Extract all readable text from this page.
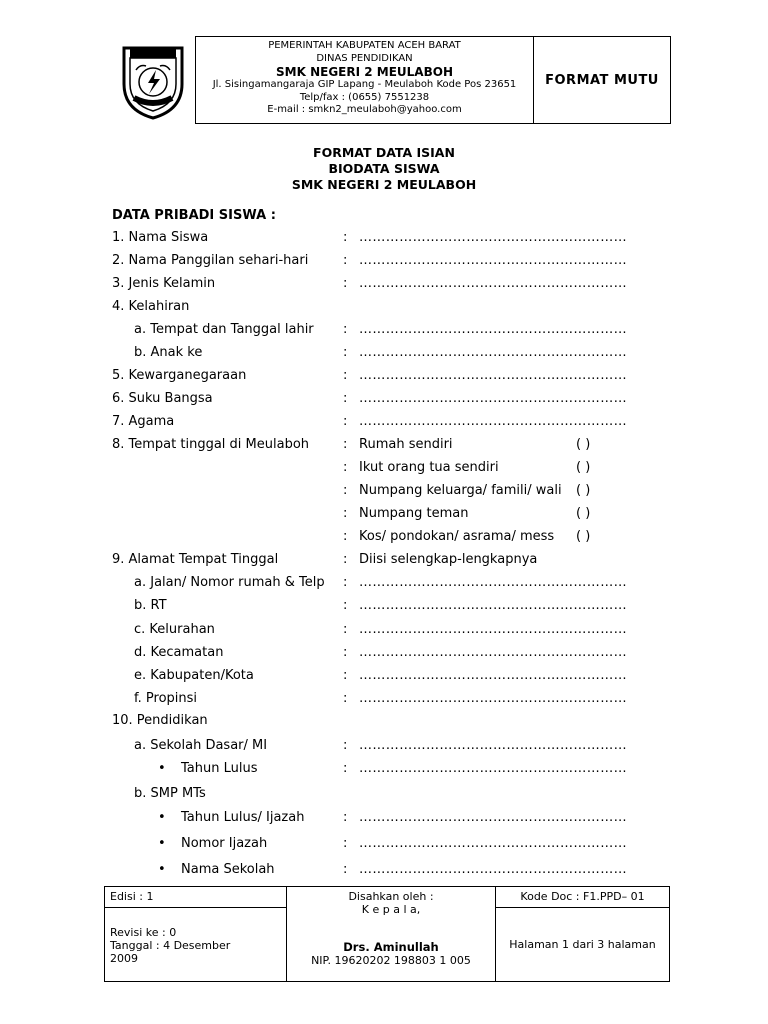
PEMERINTAH KABUPATEN ACEH BARAT
DINAS PENDIDIKAN
SMK NEGERI 2 MEULABOH
Jl. Sisingamangaraja GIP Lapang - Meulaboh Kode Pos 23651
Telp/fax : (0655) 7551238
E-mail : smkn2_meulaboh@yahoo.com
FORMAT MUTU
FORMAT DATA ISIAN
BIODATA SISWA
SMK NEGERI 2 MEULABOH
DATA PRIBADI SISWA :
1. Nama Siswa	: ……………………………………………………
2. Nama Panggilan sehari-hari	: ……………………………………………………
3. Jenis Kelamin	: ……………………………………………………
4. Kelahiran
a. Tempat dan Tanggal lahir : ……………………………………………………
b. Anak ke	: ……………………………………………………
5. Kewarganegaraan	: ……………………………………………………
6. Suku Bangsa	: ……………………………………………………
7. Agama	: ……………………………………………………
8. Tempat tinggal di Meulaboh	: Rumah sendiri	( )
: Ikut orang tua sendiri	( )
: Numpang keluarga/ famili/ wali ( )
: Numpang teman	( )
: Kos/ pondokan/ asrama/ mess ( )
9. Alamat Tempat Tinggal	: Diisi selengkap-lengkapnya
a. Jalan/ Nomor rumah & Telp : ……………………………………………………
b. RT	: ……………………………………………………
c. Kelurahan	: ……………………………………………………
d. Kecamatan	: ……………………………………………………
e. Kabupaten/Kota	: ……………………………………………………
f. Propinsi	: ……………………………………………………
10. Pendidikan
a. Sekolah Dasar/ MI	: ……………………………………………………
• Tahun Lulus	: ……………………………………………………
b. SMP MTs
• Tahun Lulus/ Ijazah	: ……………………………………………………
• Nomor Ijazah	: ……………………………………………………
• Nama Sekolah	: ……………………………………………………
Edisi : 1
Revisi ke : 0
Tanggal : 4 Desember
2009
Disahkan oleh :
K e p a l a,
Drs. Aminullah
NIP. 19620202 198803 1 005
Kode Doc : F1.PPD– 01
Halaman 1 dari 3 halaman
